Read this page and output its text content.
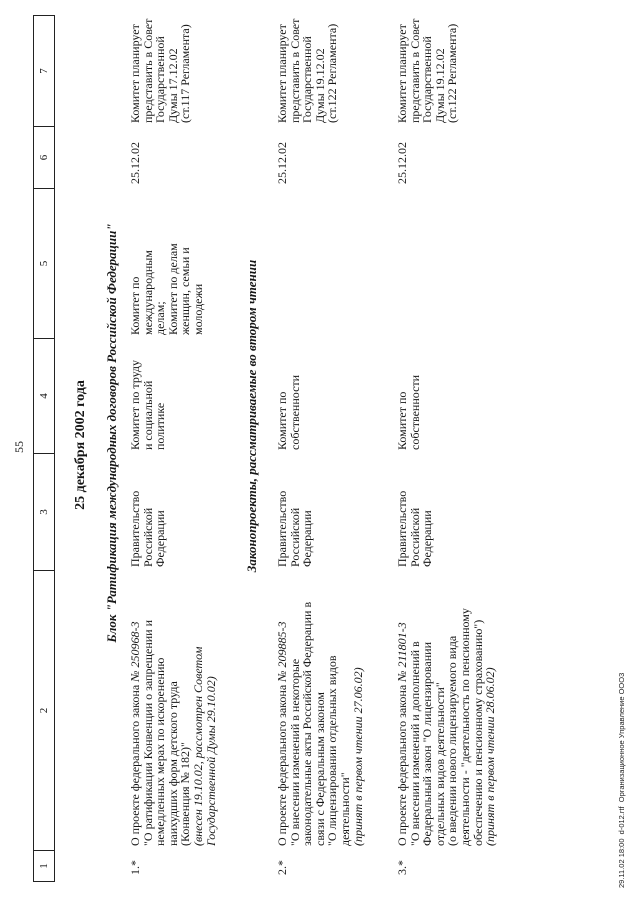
55
1
2
3
4
5
6
7
25 декабря 2002 года Блок "Ратификация международных договоров Российской Федерации"
1.*
О проекте федерального закона № 250968-3
"О ратификации Конвенции о запрещении и
немедленных мерах по искоренению
наихудших форм детского труда
(Конвенция № 182)"
(внесен 19.10.02, рассмотрен Советом
Государственной Думы 29.10.02)
Правительство
Российской
Федерации
Комитет по труду
и социальной
политике
Комитет по
международным
делам;
Комитет по делам
женщин, семьи и
молодежи
25.12.02
Комитет планирует
представить в Совет
Государственной
Думы 17.12.02
(ст.117 Регламента)
Законопроекты, рассматриваемые во втором чтении
2.*
О проекте федерального закона № 209885-3
"О внесении изменений в некоторые
законодательные акты Российской Федерации в
связи с Федеральным законом
"О лицензировании отдельных видов
деятельности"
(принят в первом чтении 27.06.02)
Правительство
Российской
Федерации
Комитет по
собственности
25.12.02
Комитет планирует
представить в Совет
Государственной
Думы 19.12.02
(ст.122 Регламента)
3.*
О проекте федерального закона № 211801-3
"О внесении изменений и дополнений в
Федеральный закон "О лицензировании
отдельных видов деятельности"
(о введении нового лицензируемого вида
деятельности - "деятельность по пенсионному
обеспечению и пенсионному страхованию")
(принят в первом чтении 28.06.02)
Правительство
Российской
Федерации
Комитет по
собственности
25.12.02
Комитет планирует
представить в Совет
Государственной
Думы 19.12.02
(ст.122 Регламента)
29.11.02 18:00  d-012.rtf  Организационное Управление ООО3
